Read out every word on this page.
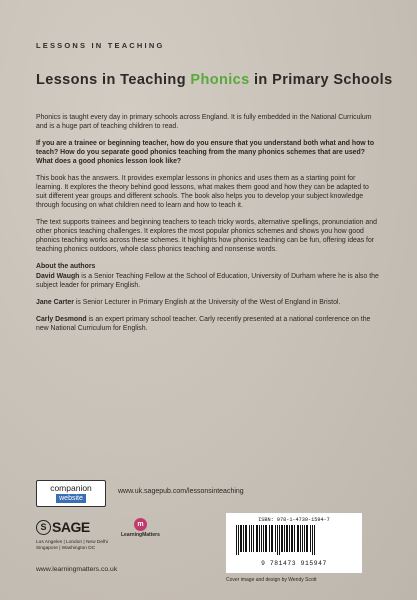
LESSONS IN TEACHING
Lessons in Teaching Phonics in Primary Schools

Phonics is taught every day in primary schools across England. It is fully embedded in the National Curriculum and is a huge part of teaching children to read.

If you are a trainee or beginning teacher, how do you ensure that you understand both what and how to teach? How do you separate good phonics teaching from the many phonics schemes that are used? What does a good phonics lesson look like?

This book has the answers. It provides exemplar lessons in phonics and uses them as a starting point for learning. It explores the theory behind good lessons, what makes them good and how they can be adapted to suit different year groups and different schools. The book also helps you to develop your subject knowledge through focusing on what children need to learn and how to teach it.

The text supports trainees and beginning teachers to teach tricky words, alternative spellings, pronunciation and other phonics teaching challenges. It explores the most popular phonics schemes and shows you how good phonics teaching works across these schemes. It highlights how phonics teaching can be fun, offering ideas for teaching phonics outdoors, whole class phonics teaching and nonsense words.

About the authors

David Waugh is a Senior Teaching Fellow at the School of Education, University of Durham where he is also the subject leader for primary English.

Jane Carter is Senior Lecturer in Primary English at the University of the West of England in Bristol.

Carly Desmond is an expert primary school teacher. Carly recently presented at a national conference on the new National Curriculum for English.

companion
website
www.uk.sagepub.com/lessonsinteaching
S SAGE
Los Angeles | London | New Delhi Singapore | Washington DC
m
LearningMatters
www.learningmatters.co.uk
ISBN: 978-1-4739-1594-7
9 781473 915947
Cover image and design by Wendy Scott
